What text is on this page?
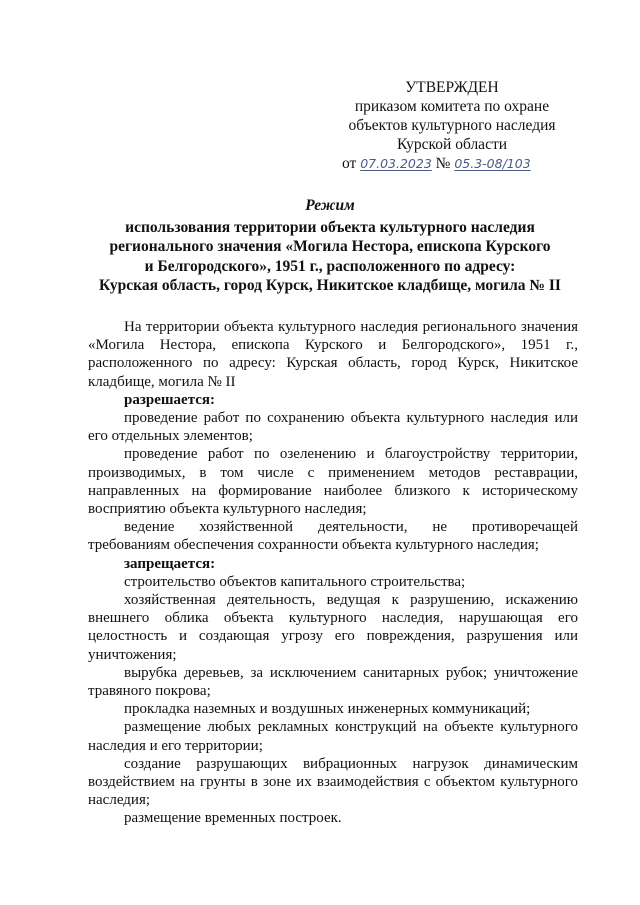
УТВЕРЖДЕН
приказом комитета по охране
объектов культурного наследия
Курской области
от 07.03.2023 № 05.3-08/103
Режим
использования территории объекта культурного наследия
регионального значения «Могила Нестора, епископа Курского
и Белгородского», 1951 г., расположенного по адресу:
Курская область, город Курск, Никитское кладбище, могила № II

На территории объекта культурного наследия регионального значения «Могила Нестора, епископа Курского и Белгородского», 1951 г., расположенного по адресу: Курская область, город Курск, Никитское кладбище, могила № II

разрешается:

проведение работ по сохранению объекта культурного наследия или его отдельных элементов;

проведение работ по озеленению и благоустройству территории, производимых, в том числе с применением методов реставрации, направленных на формирование наиболее близкого к историческому восприятию объекта культурного наследия;

ведение хозяйственной деятельности, не противоречащей требованиям обеспечения сохранности объекта культурного наследия;

запрещается:

строительство объектов капитального строительства;

хозяйственная деятельность, ведущая к разрушению, искажению внешнего облика объекта культурного наследия, нарушающая его целостность и создающая угрозу его повреждения, разрушения или уничтожения;

вырубка деревьев, за исключением санитарных рубок; уничтожение травяного покрова;

прокладка наземных и воздушных инженерных коммуникаций;

размещение любых рекламных конструкций на объекте культурного наследия и его территории;

создание разрушающих вибрационных нагрузок динамическим воздействием на грунты в зоне их взаимодействия с объектом культурного наследия;

размещение временных построек.
